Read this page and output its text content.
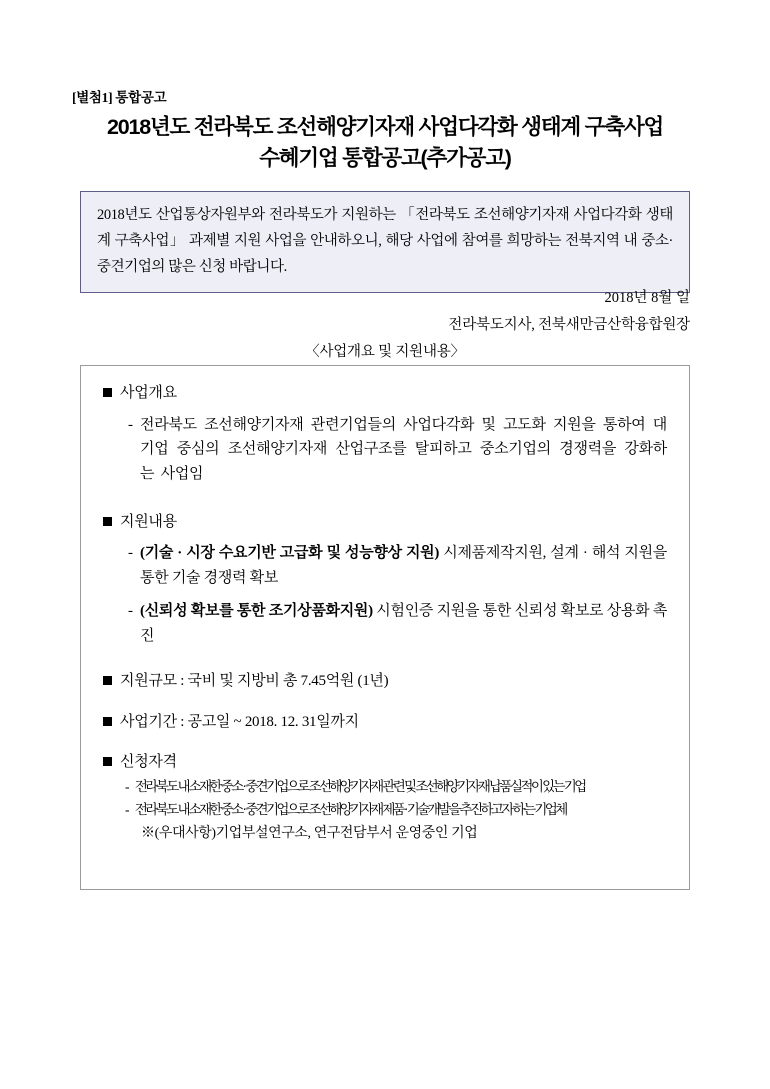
[별첨1] 통합공고
2018년도 전라북도 조선해양기자재 사업다각화 생태계 구축사업
수혜기업 통합공고(추가공고)
2018년도 산업통상자원부와 전라북도가 지원하는 「전라북도 조선해양기자재 사업다각화 생태계 구축사업」 과제별 지원 사업을 안내하오니, 해당 사업에 참여를 희망하는 전북지역 내 중소·중견기업의 많은 신청 바랍니다.
2018년 8월 일
전라북도지사, 전북새만금산학융합원장
〈사업개요 및 지원내용〉
사업개요
- 전라북도 조선해양기자재 관련기업들의 사업다각화 및 고도화 지원을 통하여 대기업 중심의 조선해양기자재 산업구조를 탈피하고 중소기업의 경쟁력을 강화하는 사업임
지원내용
- (기술 · 시장 수요기반 고급화 및 성능향상 지원) 시제품제작지원, 설계 · 해석 지원을 통한 기술 경쟁력 확보
- (신뢰성 확보를 통한 조기상품화지원) 시험인증 지원을 통한 신뢰성 확보로 상용화 촉진
지원규모 : 국비 및 지방비 총 7.45억원 (1년)
사업기간 : 공고일 ~ 2018. 12. 31일까지
신청자격
- 전라북도 내 소재한 중소 · 중견기업으로 조선해양기자재 관련 및 조선해양기자재 납품실적이 있는 기업
- 전라북도 내 소재한 중소 · 중견기업으로 조선해양기자재 제품 · 기술개발을 추진하고자 하는 기업체
※(우대사항)기업부설연구소, 연구전담부서 운영중인 기업
